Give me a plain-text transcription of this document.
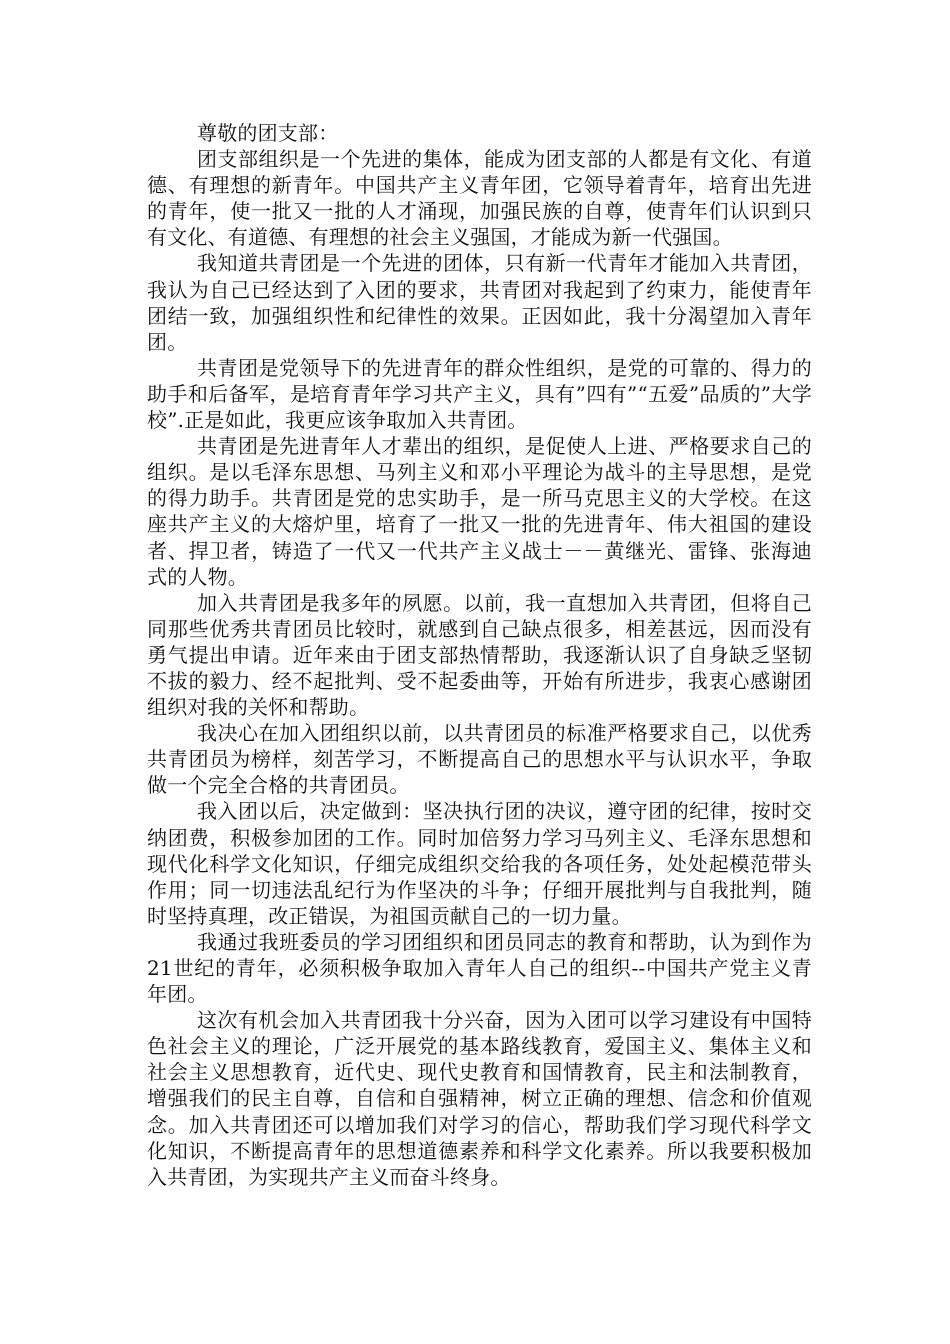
尊敬的团支部：

团支部组织是一个先进的集体，能成为团支部的人都是有文化、有道德、有理想的新青年。中国共产主义青年团，它领导着青年，培育出先进的青年，使一批又一批的人才涌现，加强民族的自尊，使青年们认识到只有文化、有道德、有理想的社会主义强国，才能成为新一代强国。

我知道共青团是一个先进的团体，只有新一代青年才能加入共青团，我认为自己已经达到了入团的要求，共青团对我起到了约束力，能使青年团结一致，加强组织性和纪律性的效果。正因如此，我十分渴望加入青年团。

共青团是党领导下的先进青年的群众性组织，是党的可靠的、得力的助手和后备军，是培育青年学习共产主义，具有”四有”“五爱”品质的”大学校”.正是如此，我更应该争取加入共青团。

共青团是先进青年人才辈出的组织，是促使人上进、严格要求自己的组织。是以毛泽东思想、马列主义和邓小平理论为战斗的主导思想，是党的得力助手。共青团是党的忠实助手，是一所马克思主义的大学校。在这座共产主义的大熔炉里，培育了一批又一批的先进青年、伟大祖国的建设者、捍卫者，铸造了一代又一代共产主义战士－－黄继光、雷锋、张海迪式的人物。

加入共青团是我多年的夙愿。以前，我一直想加入共青团，但将自己同那些优秀共青团员比较时，就感到自己缺点很多，相差甚远，因而没有勇气提出申请。近年来由于团支部热情帮助，我逐渐认识了自身缺乏坚韧不拔的毅力、经不起批判、受不起委曲等，开始有所进步，我衷心感谢团组织对我的关怀和帮助。

我决心在加入团组织以前，以共青团员的标准严格要求自己，以优秀共青团员为榜样，刻苦学习，不断提高自己的思想水平与认识水平，争取做一个完全合格的共青团员。

我入团以后，决定做到：坚决执行团的决议，遵守团的纪律，按时交纳团费，积极参加团的工作。同时加倍努力学习马列主义、毛泽东思想和现代化科学文化知识，仔细完成组织交给我的各项任务，处处起模范带头作用；同一切违法乱纪行为作坚决的斗争；仔细开展批判与自我批判，随时坚持真理，改正错误，为祖国贡献自己的一切力量。

我通过我班委员的学习团组织和团员同志的教育和帮助，认为到作为21世纪的青年，必须积极争取加入青年人自己的组织--中国共产党主义青年团。

这次有机会加入共青团我十分兴奋，因为入团可以学习建设有中国特色社会主义的理论，广泛开展党的基本路线教育，爱国主义、集体主义和社会主义思想教育，近代史、现代史教育和国情教育，民主和法制教育，增强我们的民主自尊，自信和自强精神，树立正确的理想、信念和价值观念。加入共青团还可以增加我们对学习的信心，帮助我们学习现代科学文化知识，不断提高青年的思想道德素养和科学文化素养。所以我要积极加入共青团，为实现共产主义而奋斗终身。
